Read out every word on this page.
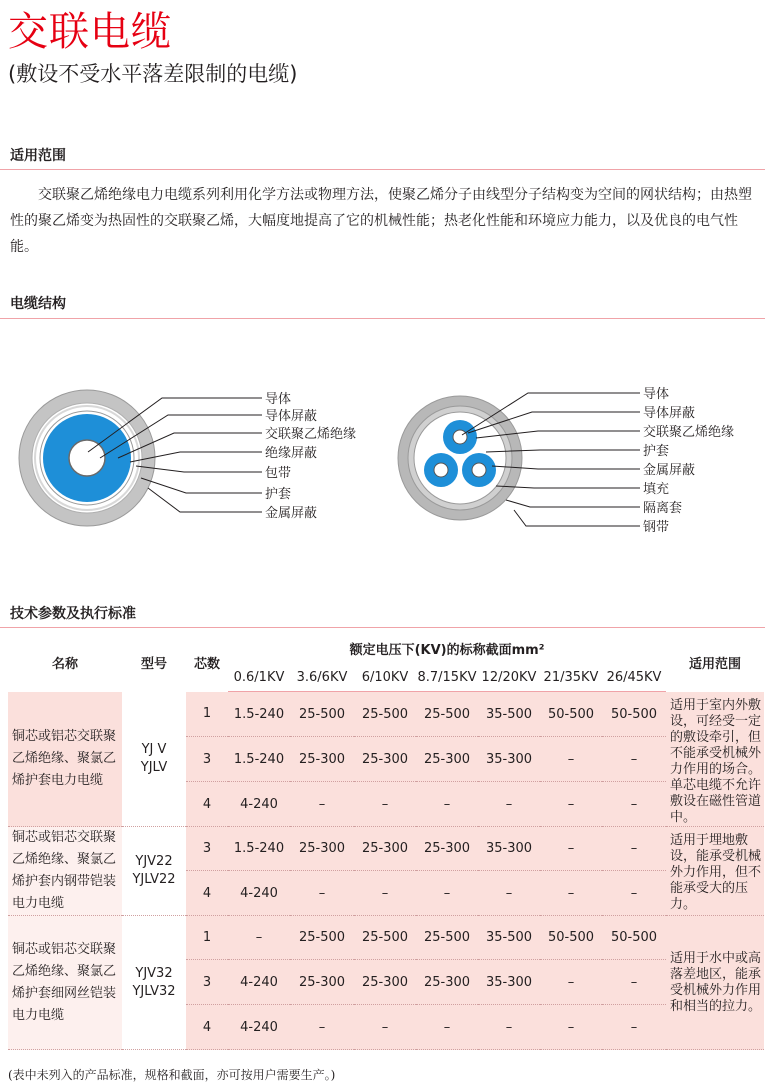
交联电缆
(敷设不受水平落差限制的电缆)
适用范围
交联聚乙烯绝缘电力电缆系列利用化学方法或物理方法，使聚乙烯分子由线型分子结构变为空间的网状结构；由热塑性的聚乙烯变为热固性的交联聚乙烯，大幅度地提高了它的机械性能；热老化性能和环境应力能力，以及优良的电气性能。
电缆结构
导体
导体屏蔽
交联聚乙烯绝缘
绝缘屏蔽
包带
护套
金属屏蔽
导体
导体屏蔽
交联聚乙烯绝缘
护套
金属屏蔽
填充
隔离套
钢带
技术参数及执行标准
名称	型号	芯数	额定电压下(KV)的标称截面mm²							适用范围
			0.6/1KV	3.6/6KV	6/10KV	8.7/15KV	12/20KV	21/35KV	26/45KV	
铜芯或铝芯交联聚乙烯绝缘、聚氯乙烯护套电力电缆	YJ V
YJLV	1	1.5-240	25-500	25-500	25-500	35-500	50-500	50-500	适用于室内外敷设，可经受一定的敷设牵引，但不能承受机械外力作用的场合。单芯电缆不允许敷设在磁性管道中。
		3	1.5-240	25-300	25-300	25-300	35-300	–	–	
		4	4-240	–	–	–	–	–	–	
铜芯或铝芯交联聚乙烯绝缘、聚氯乙烯护套内钢带铠装电力电缆	YJV22
YJLV22	3	1.5-240	25-300	25-300	25-300	35-300	–	–	适用于埋地敷设，能承受机械外力作用，但不能承受大的压力。
		4	4-240	–	–	–	–	–	–	
铜芯或铝芯交联聚乙烯绝缘、聚氯乙烯护套细网丝铠装电力电缆	YJV32
YJLV32	1	–	25-500	25-500	25-500	35-500	50-500	50-500	适用于水中或高落差地区，能承受机械外力作用和相当的拉力。
		3	4-240	25-300	25-300	25-300	35-300	–	–	
		4	4-240	–	–	–	–	–	–	
(表中未列入的产品标准，规格和截面，亦可按用户需要生产。)
